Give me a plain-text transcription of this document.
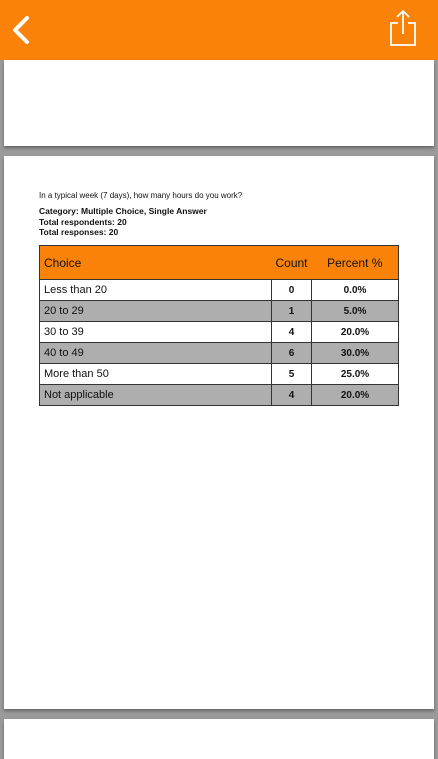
In a typical week (7 days), how many hours do you work?
Category: Multiple Choice, Single Answer
Total respondents: 20
Total responses: 20
Choice	Count	Percent %
Less than 20	0	0.0%
20 to 29	1	5.0%
30 to 39	4	20.0%
40 to 49	6	30.0%
More than 50	5	25.0%
Not applicable	4	20.0%
